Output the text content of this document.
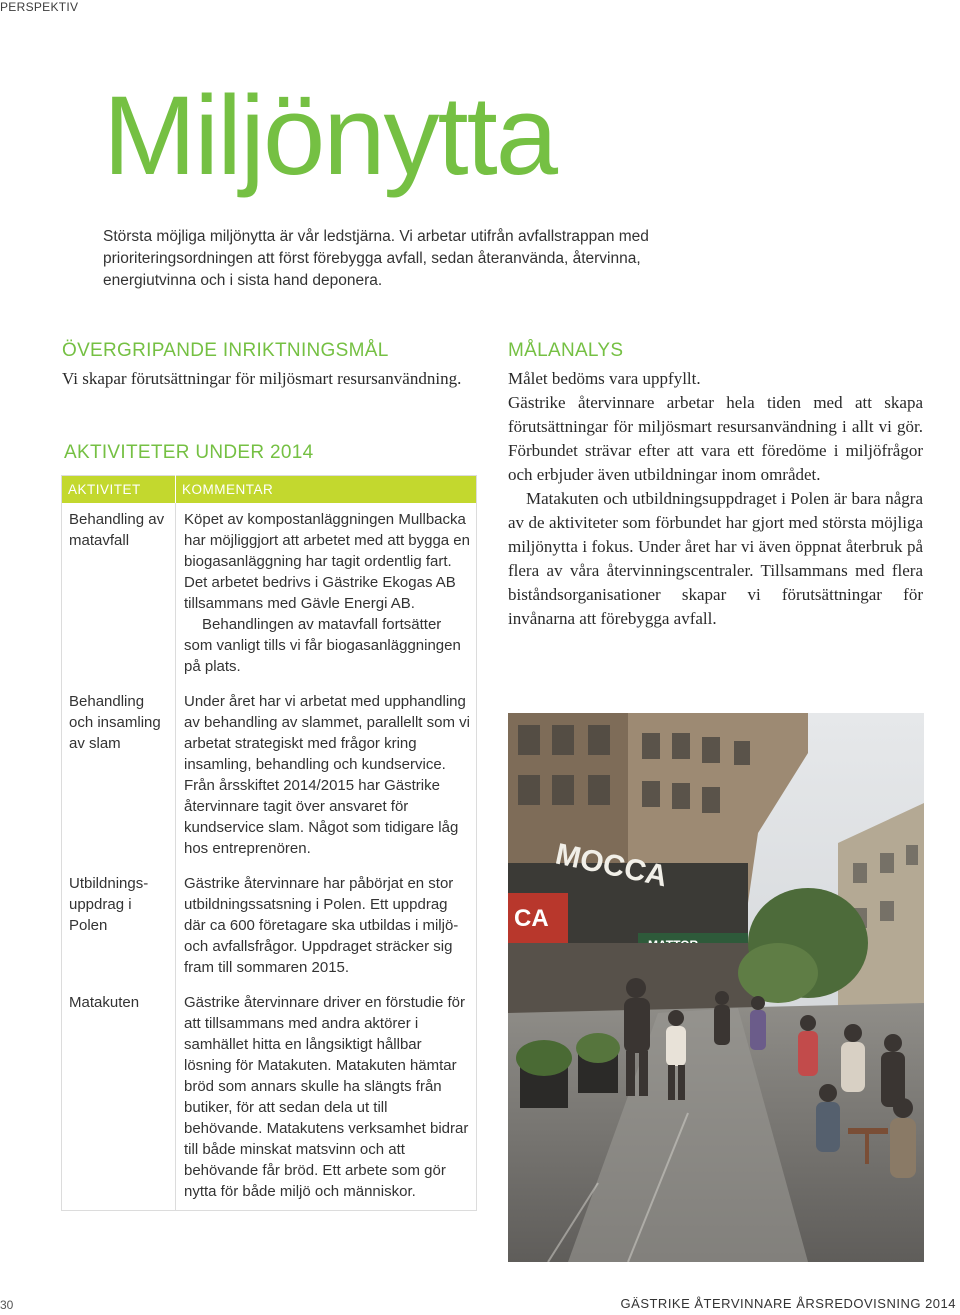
PERSPEKTIV
Miljönytta

Största möjliga miljönytta är vår ledstjärna. Vi arbetar utifrån avfallstrappan med prioriteringsordningen att först förebygga avfall, sedan återanvända, återvinna, energiutvinna och i sista hand deponera.

ÖVERGRIPANDE INRIKTNINGSMÅL

Vi skapar förutsättningar för miljösmart resursanvändning.

AKTIVITETER UNDER 2014
AKTIVITET	KOMMENTAR
Behandling av matavfall	Köpet av kompostanläggningen Mullbacka har möjliggjort att arbetet med att bygga en biogasanläggning har tagit ordentlig fart. Det arbetet bedrivs i Gästrike Ekogas AB tillsammans med Gävle Energi AB.
Behandlingen av matavfall fortsätter som vanligt tills vi får biogasanläggningen på plats.

Behandling och insamling av slam	Under året har vi arbetat med upphandling av behandling av slammet, parallellt som vi arbetat strategiskt med frågor kring insamling, behandling och kundservice. Från årsskiftet 2014/2015 har Gästrike återvinnare tagit över ansvaret för kundservice slam. Något som tidigare låg hos entreprenören.
Utbildningsuppdrag i Polen	Gästrike återvinnare har påbörjat en stor utbildningssatsning i Polen. Ett uppdrag där ca 600 företagare ska utbildas i miljö- och avfallsfrågor. Uppdraget sträcker sig fram till sommaren 2015.
Matakuten	Gästrike återvinnare driver en förstudie för att tillsammans med andra aktörer i samhället hitta en långsiktigt hållbar lösning för Matakuten. Matakuten hämtar bröd som annars skulle ha slängts från butiker, för att sedan dela ut till behövande. Matakutens verksamhet bidrar till både minskat matsvinn och att behövande får bröd. Ett arbete som gör nytta för både miljö och människor.
MÅLANALYS

Målet bedöms vara uppfyllt.

Gästrike återvinnare arbetar hela tiden med att skapa förutsättningar för miljösmart resursanvändning i allt vi gör. Förbundet strävar efter att vara ett föredöme i miljöfrågor och erbjuder även utbildningar inom området.

Matakuten och utbildningsuppdraget i Polen är bara några av de aktiviteter som förbundet har gjort med största möjliga miljönytta i fokus. Under året har vi även öppnat återbruk på flera av våra återvinningscentraler. Tillsammans med flera biståndsorganisationer skapar vi förutsättningar för invånarna att förebygga avfall.

CA
MOCCA
30	GÄSTRIKE ÅTERVINNARE ÅRSREDOVISNING 2014
